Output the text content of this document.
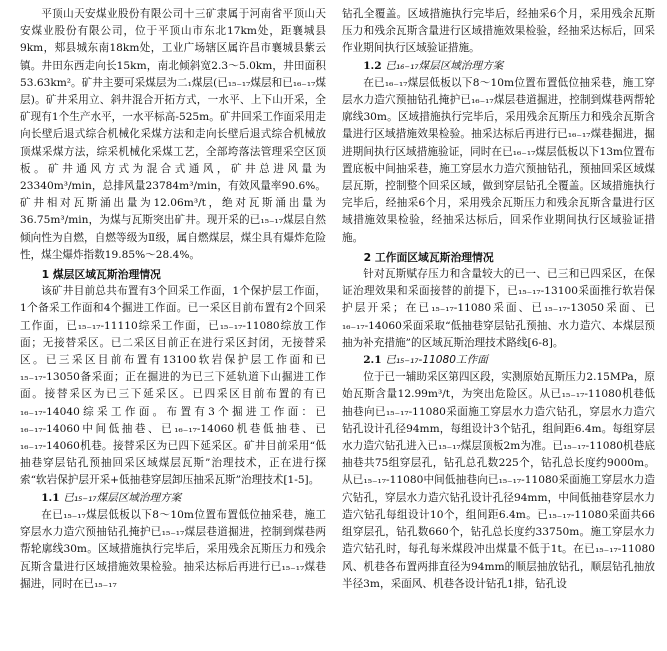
平顶山天安煤业股份有限公司十三矿隶属于河南省平顶山天安煤业股份有限公司，位于平顶山市东北17km处，距襄城县9km，郏县城东南18km处，工业广场辖区属许昌市襄城县紫云镇。井田东西走向长15km，南北倾斜宽2.3～5.0km，井田面积53.63km²。矿井主要可采煤层为二₁煤层(已₁₅₋₁₇煤层和已₁₆₋₁₇煤层)。矿井采用立、斜井混合开拓方式，一水平、上下山开采，全矿现有1个生产水平，一水平标高-525m。矿井回采工作面采用走向长壁后退式综合机械化采煤方法和走向长壁后退式综合机械放顶煤采煤方法，综采机械化采煤工艺，全部垮落法管理采空区顶板。矿井通风方式为混合式通风，矿井总进风量为23340m³/min，总排风量23784m³/min，有效风量率90.6%。矿井相对瓦斯涌出量为12.06m³/t，绝对瓦斯涌出量为36.75m³/min，为煤与瓦斯突出矿井。现开采的已₁₅₋₁₇煤层自然倾向性为自燃，自燃等级为Ⅱ级，属自燃煤层，煤尘具有爆炸危险性，煤尘爆炸指数19.85%～28.4%。

1 煤层区域瓦斯治理情况

该矿井目前总共布置有3个回采工作面，1个保护层工作面，1个备采工作面和4个掘进工作面。已一采区目前布置有2个回采工作面，已₁₅₋₁₇-11110综采工作面，已₁₅₋₁₇-11080综放工作面；无接替采区。已二采区目前正在进行采区封闭，无接替采区。已三采区目前布置有13100软岩保护层工作面和已₁₅₋₁₇-13050备采面；正在掘进的为已三下延轨道下山掘进工作面。接替采区为已三下延采区。已四采区目前布置的有已₁₆₋₁₇-14040综采工作面。布置有3个掘进工作面：已₁₆₋₁₇-14060中间低抽巷、已₁₆₋₁₇-14060机巷低抽巷、已₁₆₋₁₇-14060机巷。接替采区为已四下延采区。矿井目前采用“低抽巷穿层钻孔预抽回采区域煤层瓦斯”治理技术，正在进行探索“软岩保护层开采+低抽巷穿层卸压抽采瓦斯”治理技术[1-5]。

1.1 已₁₅₋₁₇煤层区域治理方案

在已₁₅₋₁₇煤层低板以下8～10m位置布置低位抽采巷，施工穿层水力造穴预抽钻孔掩护已₁₅₋₁₇煤层巷道掘进，控制到煤巷两帮轮廓线30m。区域措施执行完毕后，采用残余瓦斯压力和残余瓦斯含量进行区域措施效果检验。抽采达标后再进行已₁₅₋₁₇煤巷掘进，同时在已₁₅₋₁₇

钻孔全覆盖。区域措施执行完毕后，经抽采6个月，采用残余瓦斯压力和残余瓦斯含量进行区域措施效果检验，经抽采达标后，回采作业期间执行区域验证措施。

1.2 已₁₆₋₁₇煤层区域治理方案

在已₁₆₋₁₇煤层低板以下8～10m位置布置低位抽采巷，施工穿层水力造穴预抽钻孔掩护已₁₆₋₁₇煤层巷道掘进，控制到煤巷两帮轮廓线30m。区域措施执行完毕后，采用残余瓦斯压力和残余瓦斯含量进行区域措施效果检验。抽采达标后再进行已₁₆₋₁₇煤巷掘进，掘进期间执行区域措施验证，同时在已₁₆₋₁₇煤层低板以下13m位置布置底板中间抽采巷，施工穿层水力造穴预抽钻孔，预抽回采区域煤层瓦斯，控制整个回采区域，做到穿层钻孔全覆盖。区域措施执行完毕后，经抽采6个月，采用残余瓦斯压力和残余瓦斯含量进行区域措施效果检验，经抽采达标后，回采作业期间执行区域验证措施。

2 工作面区域瓦斯治理情况

针对瓦斯赋存压力和含量较大的已一、已三和已四采区，在保证治理效果和采面接替的前提下，已₁₅₋₁₇-13100采面推行软岩保护层开采；在已₁₅₋₁₇-11080采面、已₁₅₋₁₇-13050采面、已₁₆₋₁₇-14060采面采取“低抽巷穿层钻孔预抽、水力造穴、本煤层预抽为补充措施”的区域瓦斯治理技术路线[6-8]。

2.1 已₁₅₋₁₇-11080工作面

位于已一辅助采区第四区段，实测原始瓦斯压力2.15MPa，原始瓦斯含量12.99m³/t，为突出危险区。从已₁₅₋₁₇-11080机巷低抽巷向已₁₅₋₁₇-11080采面施工穿层水力造穴钻孔，穿层水力造穴钻孔设计孔径94mm，每组设计3个钻孔，组间距6.4m。每组穿层水力造穴钻孔进入已₁₅₋₁₇煤层顶板2m为准。已₁₅₋₁₇-11080机巷底抽巷共75组穿层孔，钻孔总孔数225个，钻孔总长度约9000m。从已₁₅₋₁₇-11080中间低抽巷向已₁₅₋₁₇-11080采面施工穿层水力造穴钻孔，穿层水力造穴钻孔设计孔径94mm，中间低抽巷穿层水力造穴钻孔每组设计10个，组间距6.4m。已₁₅₋₁₇-11080采面共66组穿层孔，钻孔数660个，钻孔总长度约33750m。施工穿层水力造穴钻孔时，每孔每米煤段冲出煤量不低于1t。在已₁₅₋₁₇-11080风、机巷各布置两排直径为94mm的顺层抽放钻孔，顺层钻孔抽放半径3m，采面风、机巷各设计钻孔1排，钻孔设
